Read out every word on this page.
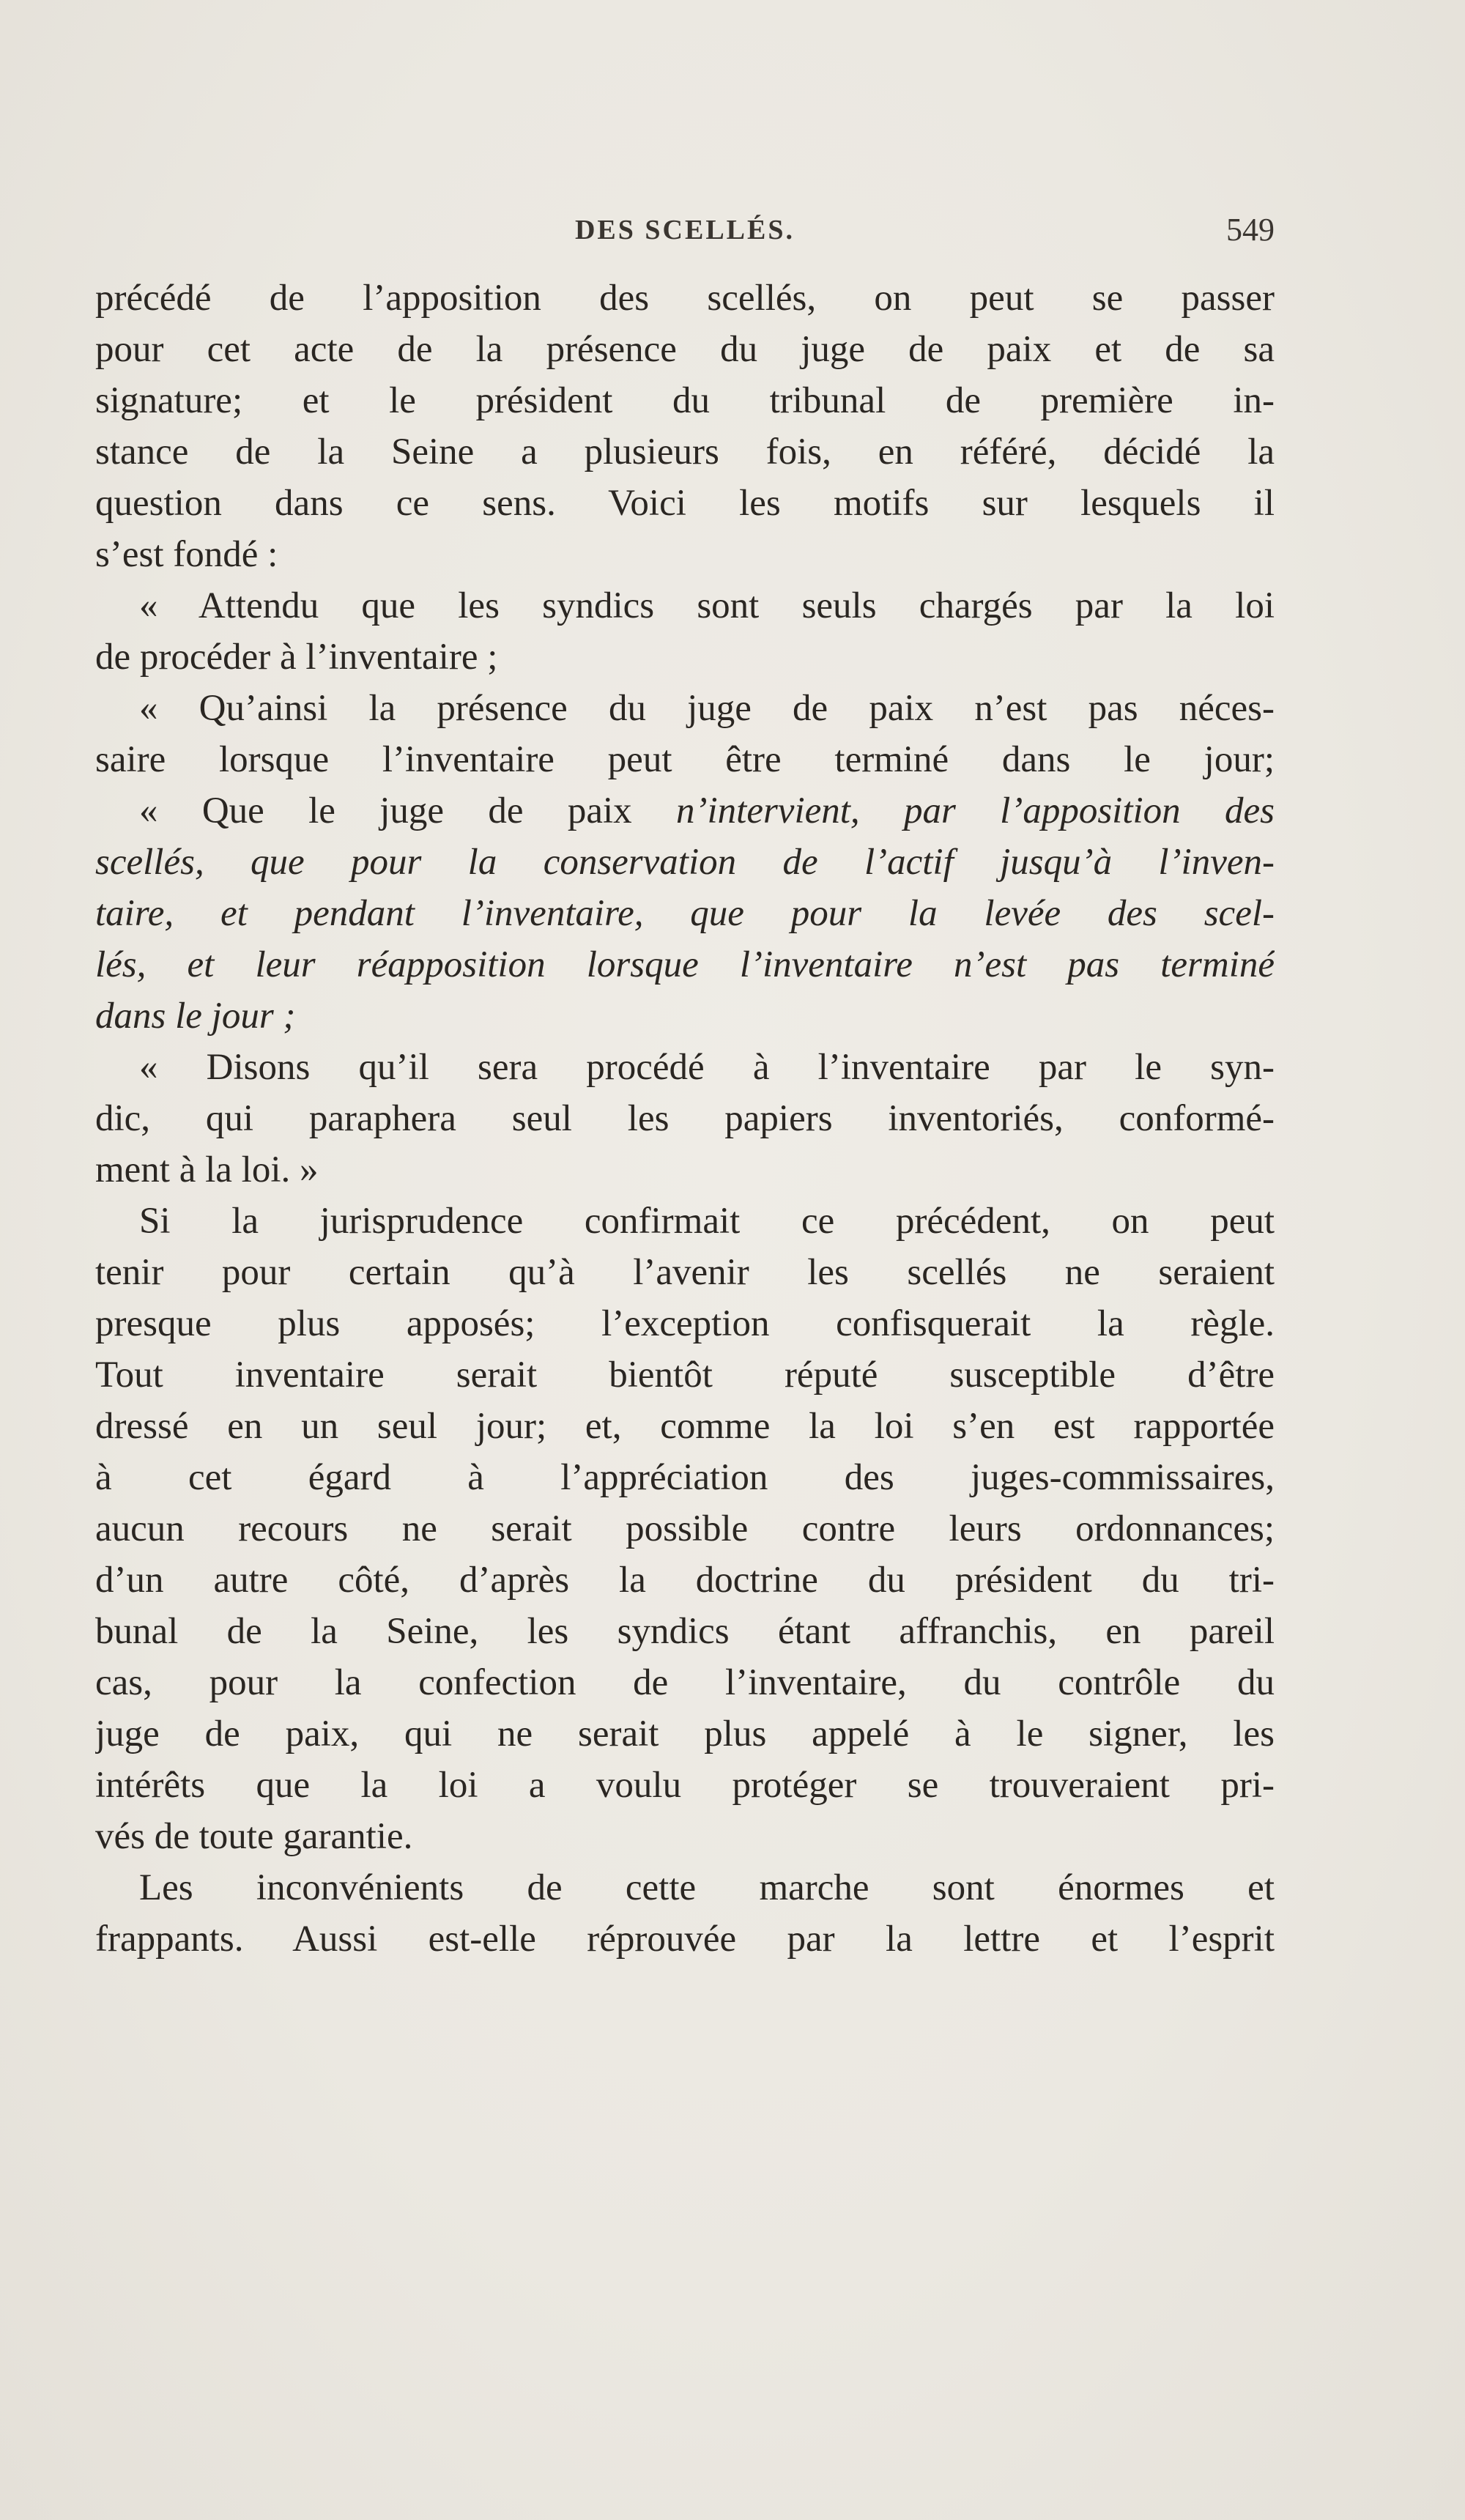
DES SCELLÉS.	549
précédé de l’apposition des scellés, on peut se passer
pour cet acte de la présence du juge de paix et de sa
signature; et le président du tribunal de première in-
stance de la Seine a plusieurs fois, en référé, décidé la
question dans ce sens. Voici les motifs sur lesquels il
s’est fondé :
« Attendu que les syndics sont seuls chargés par la loi
de procéder à l’inventaire ;
« Qu’ainsi la présence du juge de paix n’est pas néces-
saire lorsque l’inventaire peut être terminé dans le jour;
« Que le juge de paix n’intervient, par l’apposition des
scellés, que pour la conservation de l’actif jusqu’à l’inven-
taire, et pendant l’inventaire, que pour la levée des scel-
lés, et leur réapposition lorsque l’inventaire n’est pas terminé
dans le jour ;
« Disons qu’il sera procédé à l’inventaire par le syn-
dic, qui paraphera seul les papiers inventoriés, conformé-
ment à la loi. »
Si la jurisprudence confirmait ce précédent, on peut
tenir pour certain qu’à l’avenir les scellés ne seraient
presque plus apposés; l’exception confisquerait la règle.
Tout inventaire serait bientôt réputé susceptible d’être
dressé en un seul jour; et, comme la loi s’en est rapportée
à cet égard à l’appréciation des juges-commissaires,
aucun recours ne serait possible contre leurs ordonnances;
d’un autre côté, d’après la doctrine du président du tri-
bunal de la Seine, les syndics étant affranchis, en pareil
cas, pour la confection de l’inventaire, du contrôle du
juge de paix, qui ne serait plus appelé à le signer, les
intérêts que la loi a voulu protéger se trouveraient pri-
vés de toute garantie.
Les inconvénients de cette marche sont énormes et
frappants. Aussi est-elle réprouvée par la lettre et l’esprit
